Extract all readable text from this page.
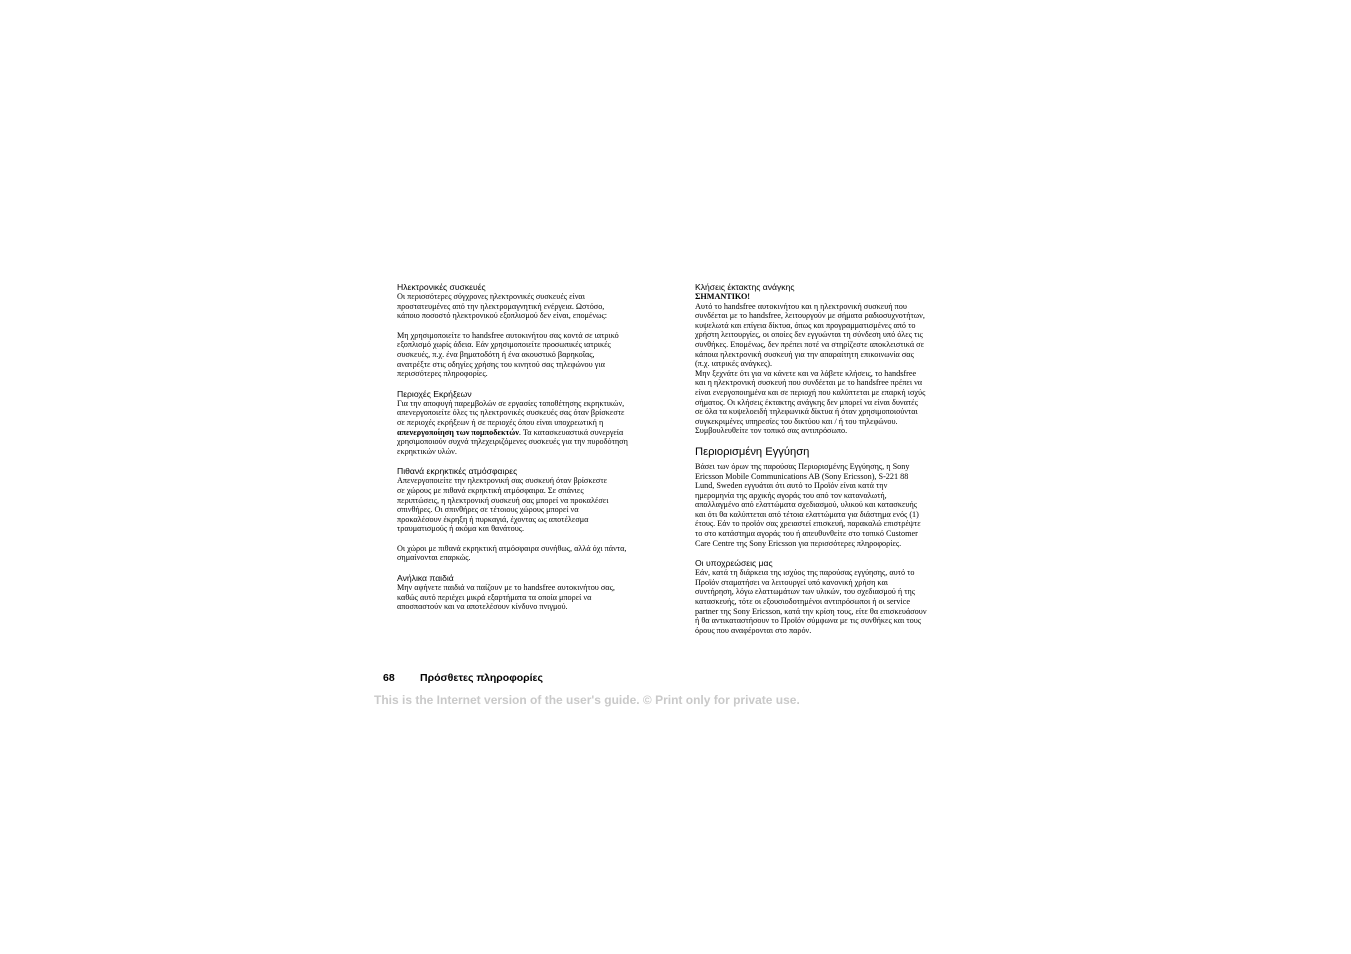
Ηλεκτρονικές συσκευές

Οι περισσότερες σύγχρονες ηλεκτρονικές συσκευές είναι
προστατευμένες από την ηλεκτρομαγνητική ενέργεια. Ωστόσο,
κάποιο ποσοστό ηλεκτρονικού εξοπλισμού δεν είναι, επομένως:

Μη χρησιμοποιείτε το handsfree αυτοκινήτου σας κοντά σε ιατρικό
εξοπλισμό χωρίς άδεια. Εάν χρησιμοποιείτε προσωπικές ιατρικές
συσκευές, π.χ. ένα βηματοδότη ή ένα ακουστικό βαρηκοΐας,
ανατρέξτε στις οδηγίες χρήσης του κινητού σας τηλεφώνου για
περισσότερες πληροφορίες.

Περιοχές Εκρήξεων

Για την αποφυγή παρεμβολών σε εργασίες τοποθέτησης εκρηκτικών,
απενεργοποιείτε όλες τις ηλεκτρονικές συσκευές σας όταν βρίσκεστε
σε περιοχές εκρήξεων ή σε περιοχές όπου είναι υποχρεωτική η
απενεργοποίηση των πομποδεκτών. Τα κατασκευαστικά συνεργεία
χρησιμοποιούν συχνά τηλεχειριζόμενες συσκευές για την πυροδότηση
εκρηκτικών υλών.

Πιθανά εκρηκτικές ατμόσφαιρες

Απενεργοποιείτε την ηλεκτρονική σας συσκευή όταν βρίσκεστε
σε χώρους με πιθανά εκρηκτική ατμόσφαιρα. Σε σπάνιες
περιπτώσεις, η ηλεκτρονική συσκευή σας μπορεί να προκαλέσει
σπινθήρες. Οι σπινθήρες σε τέτοιους χώρους μπορεί να
προκαλέσουν έκρηξη ή πυρκαγιά, έχοντας ως αποτέλεσμα
τραυματισμούς ή ακόμα και θανάτους.

Οι χώροι με πιθανά εκρηκτική ατμόσφαιρα συνήθως, αλλά όχι πάντα,
σημαίνονται επαρκώς.

Ανήλικα παιδιά

Μην αφήνετε παιδιά να παίζουν με το handsfree αυτοκινήτου σας,
καθώς αυτό περιέχει μικρά εξαρτήματα τα οποία μπορεί να
αποσπαστούν και να αποτελέσουν κίνδυνο πνιγμού.

Κλήσεις έκτακτης ανάγκης

ΣΗΜΑΝΤΙΚΟ!

Αυτό το handsfree αυτοκινήτου και η ηλεκτρονική συσκευή που
συνδέεται με το handsfree, λειτουργούν με σήματα ραδιοσυχνοτήτων,
κυψελωτά και επίγεια δίκτυα, όπως και προγραμματισμένες από το
χρήστη λειτουργίες, οι οποίες δεν εγγυώνται τη σύνδεση υπό όλες τις
συνθήκες. Επομένως, δεν πρέπει ποτέ να στηρίζεστε αποκλειστικά σε
κάποια ηλεκτρονική συσκευή για την απαραίτητη επικοινωνία σας
(π.χ. ιατρικές ανάγκες).

Μην ξεχνάτε ότι για να κάνετε και να λάβετε κλήσεις, το handsfree
και η ηλεκτρονική συσκευή που συνδέεται με το handsfree πρέπει να
είναι ενεργοποιημένα και σε περιοχή που καλύπτεται με επαρκή ισχύς
σήματος. Οι κλήσεις έκτακτης ανάγκης δεν μπορεί να είναι δυνατές
σε όλα τα κυψελοειδή τηλεφωνικά δίκτυα ή όταν χρησιμοποιούνται
συγκεκριμένες υπηρεσίες του δικτύου και / ή του τηλεφώνου.
Συμβουλευθείτε τον τοπικό σας αντιπρόσωπο.

Περιορισμένη Εγγύηση

Βάσει των όρων της παρούσας Περιορισμένης Εγγύησης, η Sony
Ericsson Mobile Communications AB (Sony Ericsson), S-221 88
Lund, Sweden εγγυάται ότι αυτό το Προϊόν είναι κατά την
ημερομηνία της αρχικής αγοράς του από τον καταναλωτή,
απαλλαγμένο από ελαττώματα σχεδιασμού, υλικού και κατασκευής
και ότι θα καλύπτεται από τέτοια ελαττώματα για διάστημα ενός (1)
έτους. Εάν το προϊόν σας χρειαστεί επισκευή, παρακαλώ επιστρέψτε
το στο κατάστημα αγοράς του ή απευθυνθείτε στο τοπικό Customer
Care Centre της Sony Ericsson για περισσότερες πληροφορίες.

Οι υποχρεώσεις μας

Εάν, κατά τη διάρκεια της ισχύος της παρούσας εγγύησης, αυτό το
Προϊόν σταματήσει να λειτουργεί υπό κανονική χρήση και
συντήρηση, λόγω ελαττωμάτων των υλικών, του σχεδιασμού ή της
κατασκευής, τότε οι εξουσιοδοτημένοι αντιπρόσωποι ή οι service
partner της Sony Ericsson, κατά την κρίση τους, είτε θα επισκευάσουν
ή θα αντικαταστήσουν το Προϊόν σύμφωνα με τις συνθήκες και τους
όρους που αναφέρονται στο παρόν.

68 Πρόσθετες πληροφορίες
This is the Internet version of the user's guide. © Print only for private use.
